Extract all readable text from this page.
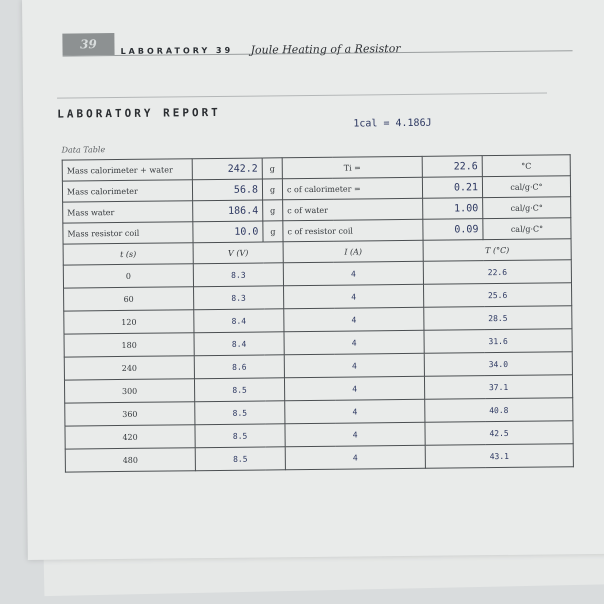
39	LABORATORY 39 Joule Heating of a Resistor
LABORATORY REPORT
1cal = 4.186J
Data Table
Mass calorimeter + water	242.2	g	Ti =	22.6	°C
Mass calorimeter	56.8	g	c of calorimeter =	0.21	cal/g·C°
Mass water	186.4	g	c of water	1.00	cal/g·C°
Mass resistor coil	10.0	g	c of resistor coil	0.09	cal/g·C°
t (s)	V (V)		I (A)	T (°C)	
0	8.3		4	22.6	
60	8.3		4	25.6	
120	8.4		4	28.5	
180	8.4		4	31.6	
240	8.6		4	34.0	
300	8.5		4	37.1	
360	8.5		4	40.8	
420	8.5		4	42.5	
480	8.5		4	43.1	
